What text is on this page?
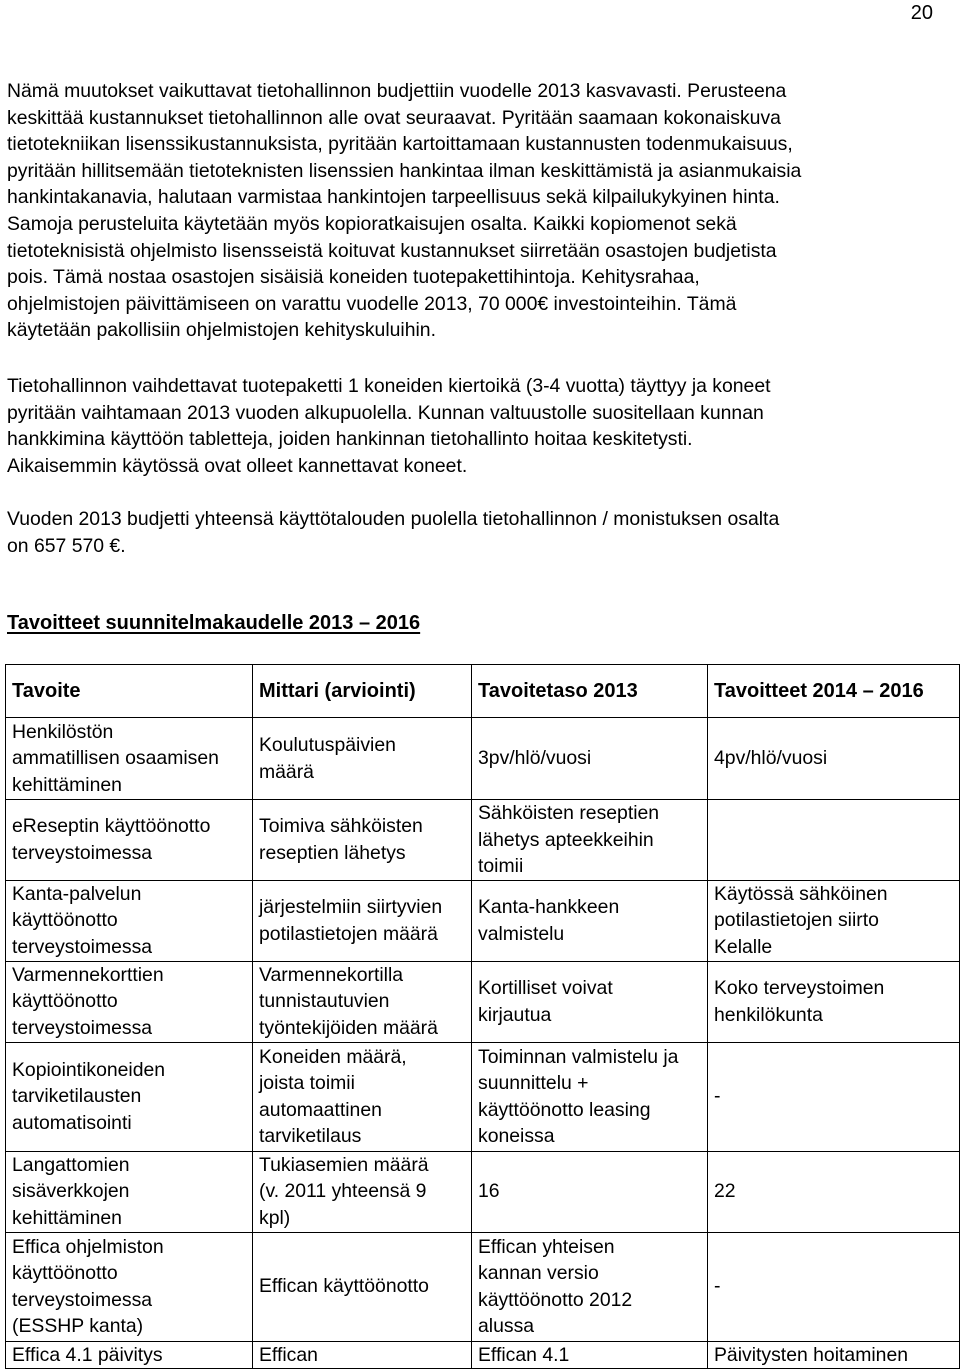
20

Nämä muutokset vaikuttavat tietohallinnon budjettiin vuodelle 2013 kasvavasti. Perusteena
keskittää kustannukset tietohallinnon alle ovat seuraavat. Pyritään saamaan kokonaiskuva
tietotekniikan lisenssikustannuksista, pyritään kartoittamaan kustannusten todenmukaisuus,
pyritään hillitsemään tietoteknisten lisenssien hankintaa ilman keskittämistä ja asianmukaisia
hankintakanavia, halutaan varmistaa hankintojen tarpeellisuus sekä kilpailukykyinen hinta.
Samoja perusteluita käytetään myös kopioratkaisujen osalta. Kaikki kopiomenot sekä
tietoteknisistä ohjelmisto lisensseistä koituvat kustannukset siirretään osastojen budjetista
pois. Tämä nostaa osastojen sisäisiä koneiden tuotepakettihintoja. Kehitysrahaa,
ohjelmistojen päivittämiseen on varattu vuodelle 2013, 70 000€ investointeihin. Tämä
käytetään pakollisiin ohjelmistojen kehityskuluihin.

Tietohallinnon vaihdettavat tuotepaketti 1 koneiden kiertoikä (3-4 vuotta) täyttyy ja koneet
pyritään vaihtamaan 2013 vuoden alkupuolella. Kunnan valtuustolle suositellaan kunnan
hankkimina käyttöön tabletteja, joiden hankinnan tietohallinto hoitaa keskitetysti.
Aikaisemmin käytössä ovat olleet kannettavat koneet.

Vuoden 2013 budjetti yhteensä käyttötalouden puolella tietohallinnon / monistuksen osalta
on 657 570 €.

Tavoitteet suunnitelmakaudelle 2013 – 2016
Tavoite	Mittari (arviointi)	Tavoitetaso 2013	Tavoitteet 2014 – 2016

Henkilöstön
ammatillisen osaamisen
kehittäminen	Koulutuspäivien
määrä	3pv/hlö/vuosi	4pv/hlö/vuosi

eReseptin käyttöönotto
terveystoimessa	Toimiva sähköisten
reseptien lähetys	Sähköisten reseptien
lähetys apteekkeihin
toimii	

Kanta-palvelun
käyttöönotto
terveystoimessa	järjestelmiin siirtyvien
potilastietojen määrä	Kanta-hankkeen
valmistelu	Käytössä sähköinen
potilastietojen siirto
Kelalle

Varmennekorttien
käyttöönotto
terveystoimessa	Varmennekortilla
tunnistautuvien
työntekijöiden määrä	Kortilliset voivat
kirjautua	Koko terveystoimen
henkilökunta

Kopiointikoneiden
tarviketilausten
automatisointi	Koneiden määrä,
joista toimii
automaattinen
tarviketilaus	Toiminnan valmistelu ja
suunnittelu +
käyttöönotto leasing
koneissa	-

Langattomien
sisäverkkojen
kehittäminen	Tukiasemien määrä
(v. 2011 yhteensä 9
kpl)	16	22

Effica ohjelmiston
käyttöönotto
terveystoimessa
(ESSHP kanta)	Effican käyttöönotto	Effican yhteisen
kannan versio
käyttöönotto 2012
alussa	-

Effica 4.1 päivitys	Effican	Effican 4.1	Päivitysten hoitaminen
